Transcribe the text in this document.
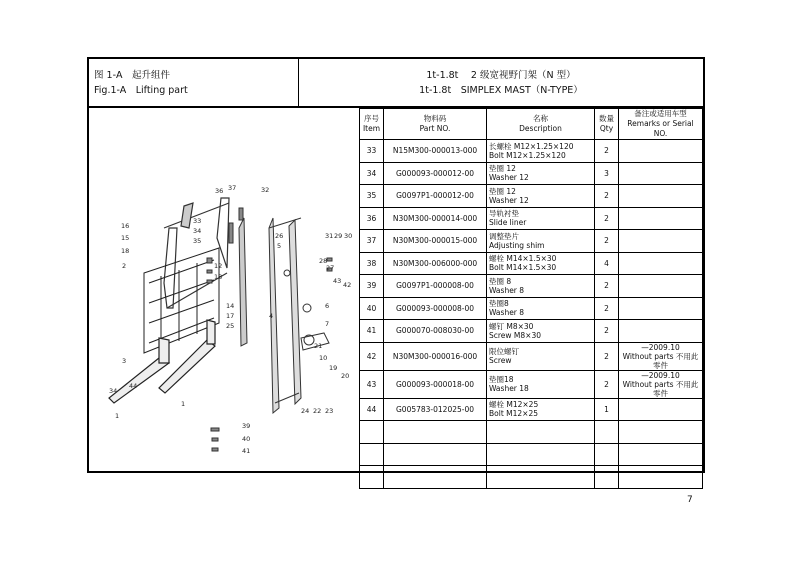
图 1-A　起升组件
Fig.1-A　Lifting part
1t-1.8t　 2 级宽视野门架（N 型）
1t-1.8t　SIMPLEX MAST（N-TYPE）
36 37	32
33
34
35
16
15
18
2	12
13
14
17
25
4
3
44
34
1
26
5
31 29 30
28
27
43 42
6
7
21
10
19
20
24 22 23
39
40
41
1
序号
Item	物料码
Part NO.	名称
Description	数量
Qty	备注或适用车型
Remarks or Serial NO.
33	N15M300-000013-000	长螺栓 M12×1.25×120
Bolt M12×1.25×120	2	

34	G000093-000012-00	垫圈 12
Washer 12	3	

35	G0097P1-000012-00	垫圈 12
Washer 12	2	

36	N30M300-000014-000	导轨衬垫
Slide liner	2	

37	N30M300-000015-000	调整垫片
Adjusting shim	2	

38	N30M300-006000-000	螺栓 M14×1.5×30
Bolt M14×1.5×30	4	

39	G0097P1-000008-00	垫圈 8
Washer 8	2	

40	G000093-000008-00	垫圈8
Washer 8	2	

41	G000070-008030-00	螺钉 M8×30
Screw M8×30	2	

42	N30M300-000016-000	限位螺钉
Screw	2	—2009.10
Without parts 不用此零件
43	G000093-000018-00	垫圈18
Washer 18	2	—2009.10
Without parts 不用此零件
44	G005783-012025-00	螺栓 M12×25
Bolt M12×25	1	

7
